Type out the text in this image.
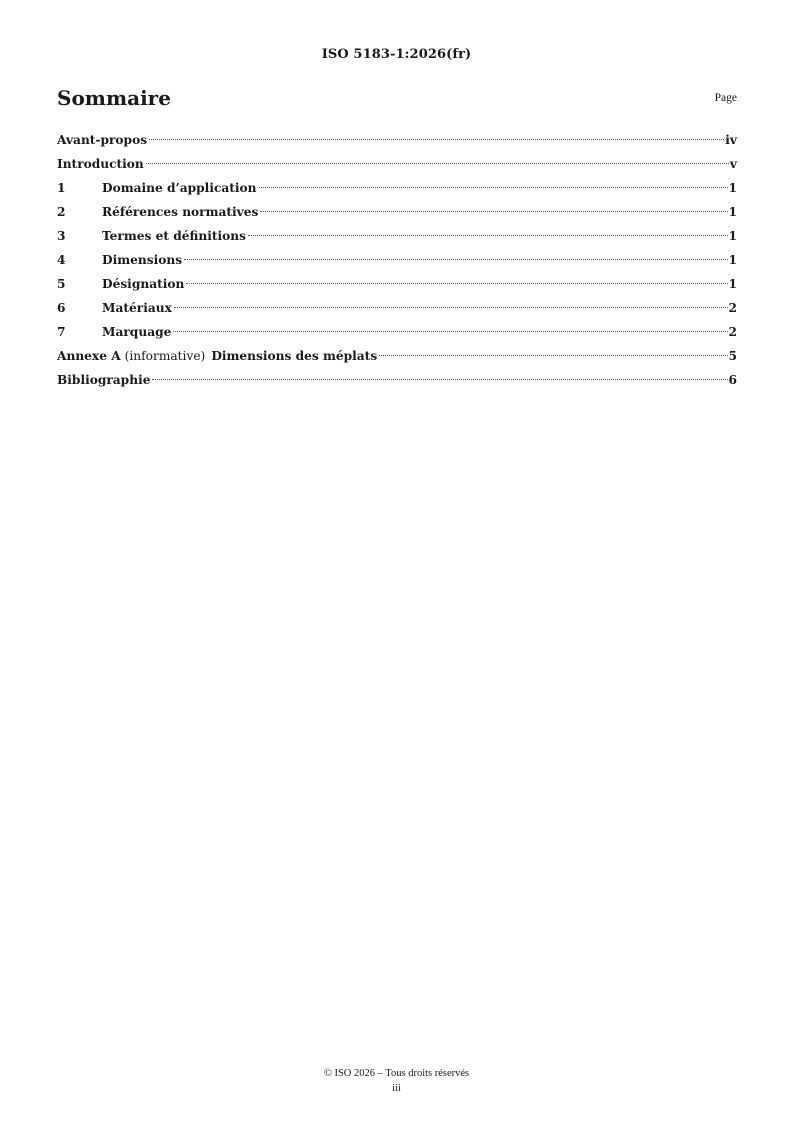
ISO 5183-1:2026(fr)
Sommaire	Page
Avant-propos	iv
Introduction	v
1	Domaine d’application	1
2	Références normatives	1
3	Termes et définitions	1
4	Dimensions	1
5	Désignation	1
6	Matériaux	2
7	Marquage	2
Annexe A (informative) Dimensions des méplats	5
Bibliographie	6
© ISO 2026 – Tous droits réservés
iii
